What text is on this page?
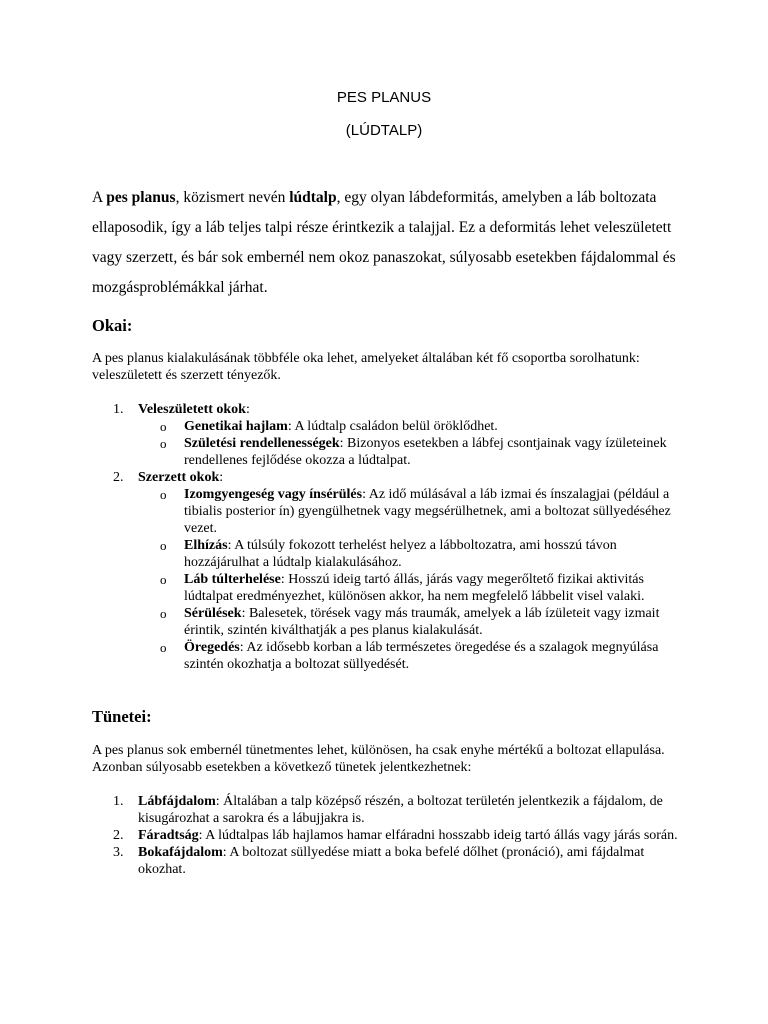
PES PLANUS
(LÚDTALP)

A pes planus, közismert nevén lúdtalp, egy olyan lábdeformitás, amelyben a láb boltozata ellaposodik, így a láb teljes talpi része érintkezik a talajjal. Ez a deformitás lehet veleszületett vagy szerzett, és bár sok embernél nem okoz panaszokat, súlyosabb esetekben fájdalommal és mozgásproblémákkal járhat.

Okai:

A pes planus kialakulásának többféle oka lehet, amelyeket általában két fő csoportba sorolhatunk: veleszületett és szerzett tényezők.

1. Veleszületett okok:
o Genetikai hajlam: A lúdtalp családon belül öröklődhet.
o Születési rendellenességek: Bizonyos esetekben a lábfej csontjainak vagy ízületeinek rendellenes fejlődése okozza a lúdtalpat.
2. Szerzett okok:
o Izomgyengeség vagy ínsérülés: Az idő múlásával a láb izmai és ínszalagjai (például a tibialis posterior ín) gyengülhetnek vagy megsérülhetnek, ami a boltozat süllyedéséhez vezet.
o Elhízás: A túlsúly fokozott terhelést helyez a lábboltozatra, ami hosszú távon hozzájárulhat a lúdtalp kialakulásához.
o Láb túlterhelése: Hosszú ideig tartó állás, járás vagy megerőltető fizikai aktivitás lúdtalpat eredményezhet, különösen akkor, ha nem megfelelő lábbelit visel valaki.
o Sérülések: Balesetek, törések vagy más traumák, amelyek a láb ízületeit vagy izmait érintik, szintén kiválthatják a pes planus kialakulását.
o Öregedés: Az idősebb korban a láb természetes öregedése és a szalagok megnyúlása szintén okozhatja a boltozat süllyedését.
Tünetei:

A pes planus sok embernél tünetmentes lehet, különösen, ha csak enyhe mértékű a boltozat ellapulása. Azonban súlyosabb esetekben a következő tünetek jelentkezhetnek:

1. Lábfájdalom: Általában a talp középső részén, a boltozat területén jelentkezik a fájdalom, de kisugározhat a sarokra és a lábujjakra is.
2. Fáradtság: A lúdtalpas láb hajlamos hamar elfáradni hosszabb ideig tartó állás vagy járás során.
3. Bokafájdalom: A boltozat süllyedése miatt a boka befelé dőlhet (pronáció), ami fájdalmat okozhat.
